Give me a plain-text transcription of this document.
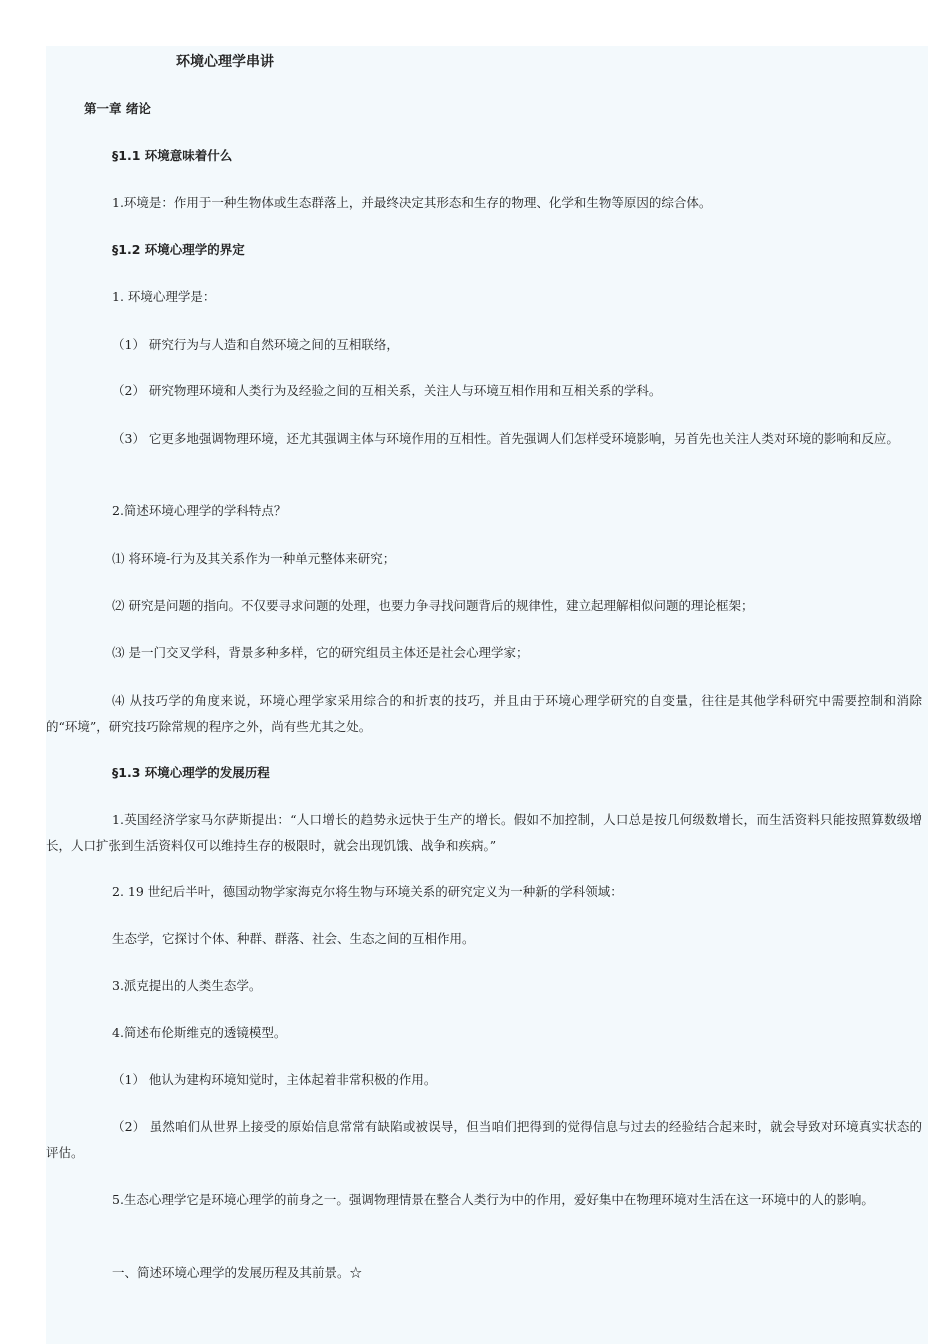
环境心理学串讲
第一章 绪论
§1.1 环境意味着什么
1.环境是：作用于一种生物体或生态群落上，并最终决定其形态和生存的物理、化学和生物等原因的综合体。
§1.2 环境心理学的界定
1. 环境心理学是：
（1） 研究行为与人造和自然环境之间的互相联络，
（2） 研究物理环境和人类行为及经验之间的互相关系，关注人与环境互相作用和互相关系的学科。
（3） 它更多地强调物理环境，还尤其强调主体与环境作用的互相性。首先强调人们怎样受环境影响，另首先也关注人类对环境的影响和反应。
2.简述环境心理学的学科特点？
⑴ 将环境-行为及其关系作为一种单元整体来研究；
⑵ 研究是问题的指向。不仅要寻求问题的处理，也要力争寻找问题背后的规律性，建立起理解相似问题的理论框架；
⑶ 是一门交叉学科，背景多种多样，它的研究组员主体还是社会心理学家；
⑷ 从技巧学的角度来说，环境心理学家采用综合的和折衷的技巧，并且由于环境心理学研究的自变量，往往是其他学科研究中需要控制和消除的“环境”，研究技巧除常规的程序之外，尚有些尤其之处。
§1.3 环境心理学的发展历程
1.英国经济学家马尔萨斯提出：“人口增长的趋势永远快于生产的增长。假如不加控制，人口总是按几何级数增长，而生活资料只能按照算数级增长，人口扩张到生活资料仅可以维持生存的极限时，就会出现饥饿、战争和疾病。”
2. 19 世纪后半叶，德国动物学家海克尔将生物与环境关系的研究定义为一种新的学科领域：
生态学，它探讨个体、种群、群落、社会、生态之间的互相作用。
3.派克提出的人类生态学。
4.简述布伦斯维克的透镜模型。
（1） 他认为建构环境知觉时，主体起着非常积极的作用。
（2） 虽然咱们从世界上接受的原始信息常常有缺陷或被误导，但当咱们把得到的觉得信息与过去的经验结合起来时，就会导致对环境真实状态的评估。
5.生态心理学它是环境心理学的前身之一。强调物理情景在整合人类行为中的作用，爱好集中在物理环境对生活在这一环境中的人的影响。
一、简述环境心理学的发展历程及其前景。☆
